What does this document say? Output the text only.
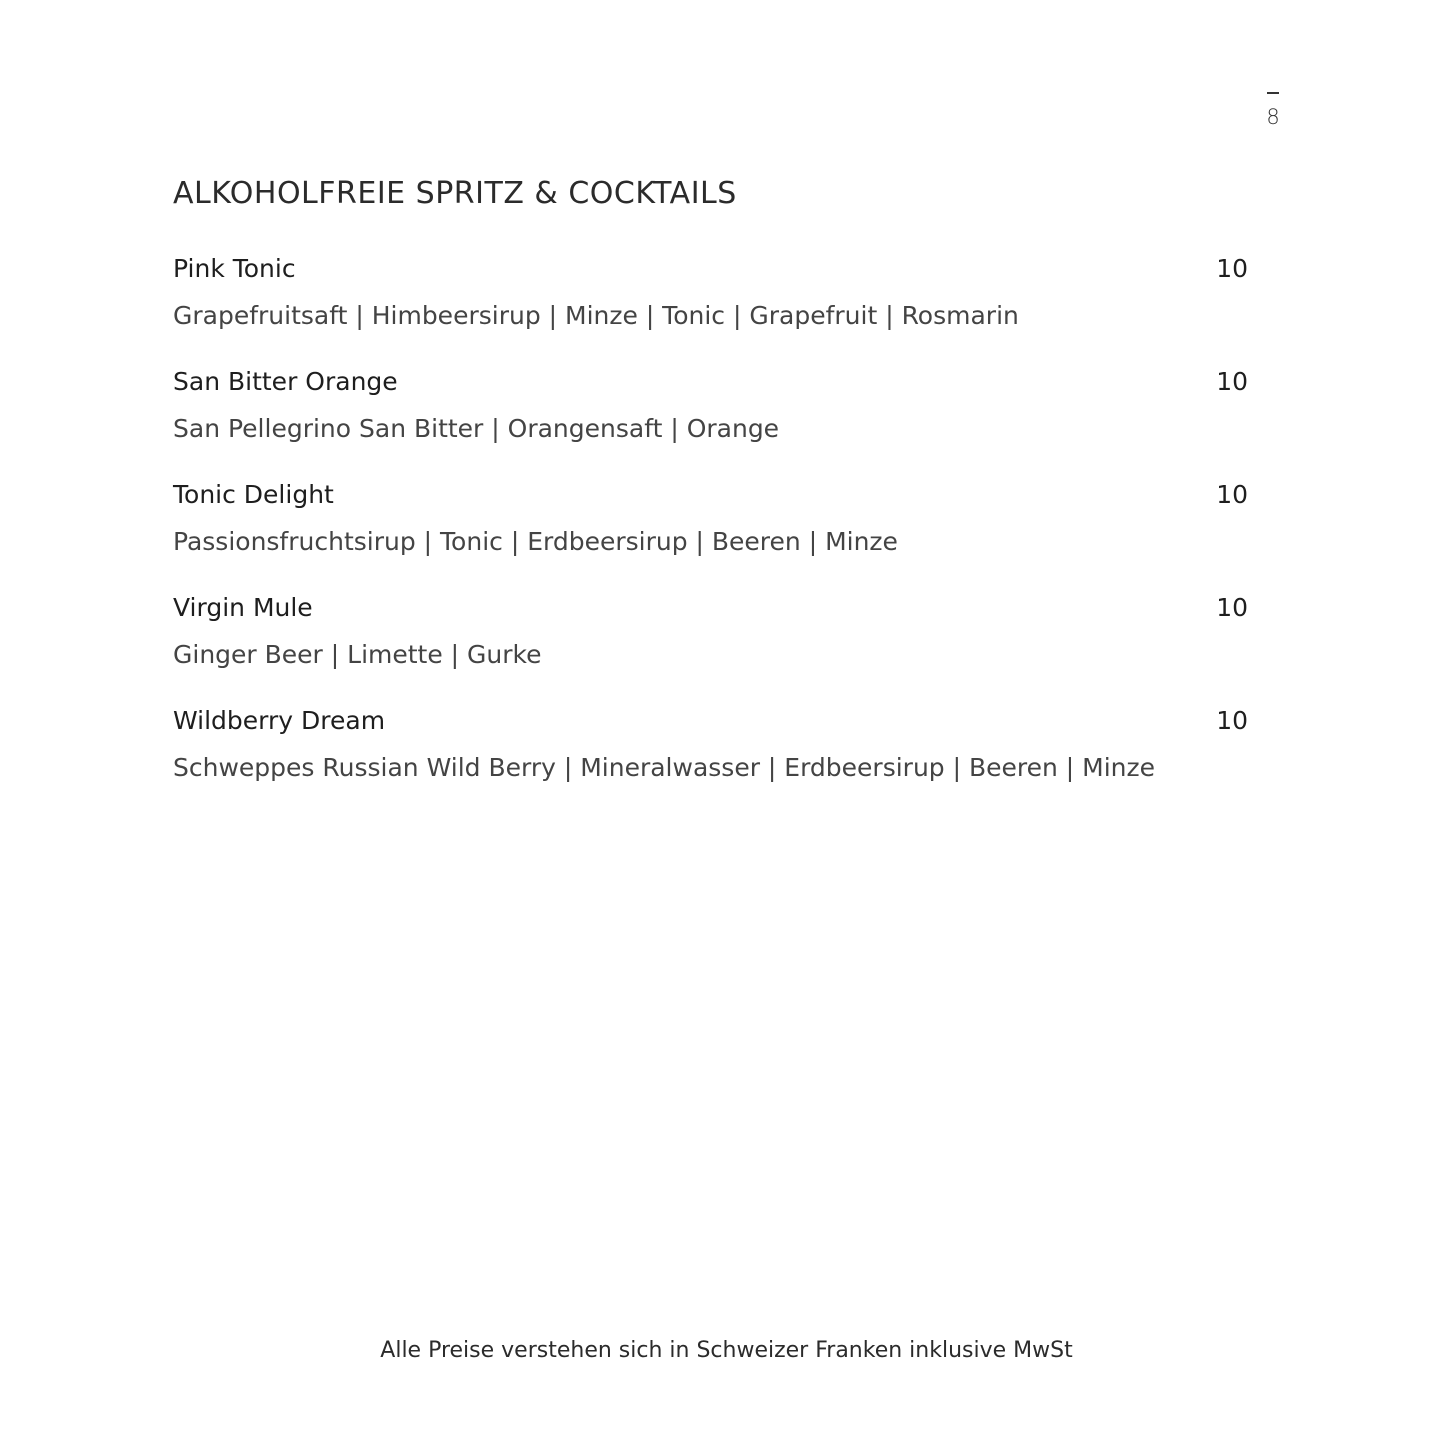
8
ALKOHOLFREIE SPRITZ & COCKTAILS
Pink Tonic	10
Grapefruitsaft | Himbeersirup | Minze | Tonic | Grapefruit | Rosmarin
San Bitter Orange	10
San Pellegrino San Bitter | Orangensaft | Orange
Tonic Delight	10
Passionsfruchtsirup | Tonic | Erdbeersirup | Beeren | Minze
Virgin Mule	10
Ginger Beer | Limette | Gurke
Wildberry Dream	10
Schweppes Russian Wild Berry | Mineralwasser | Erdbeersirup | Beeren | Minze
Alle Preise verstehen sich in Schweizer Franken inklusive MwSt
